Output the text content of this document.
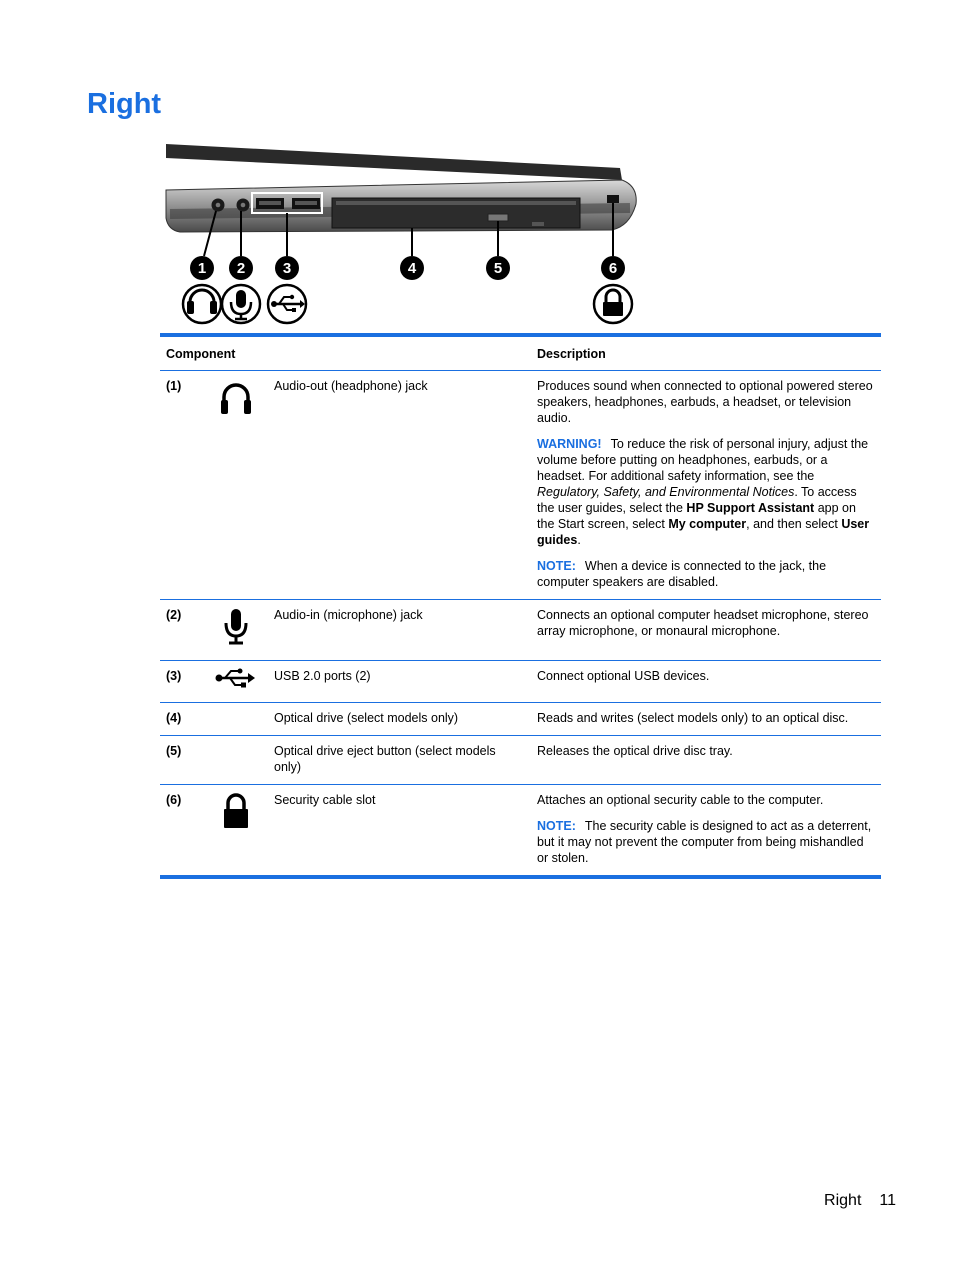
Right
1 2	3	4	5	6
Component			Description
(1)		Audio-out (headphone) jack	Produces sound when connected to optional powered stereo speakers, headphones, earbuds, a headset, or television audio.

WARNING! To reduce the risk of personal injury, adjust the volume before putting on headphones, earbuds, or a headset. For additional safety information, see the Regulatory, Safety, and Environmental Notices. To access the user guides, select the HP Support Assistant app on the Start screen, select My computer, and then select User guides.

NOTE: When a device is connected to the jack, the computer speakers are disabled.

(2)		Audio-in (microphone) jack	Connects an optional computer headset microphone, stereo array microphone, or monaural microphone.
(3)		USB 2.0 ports (2)	Connect optional USB devices.
(4)		Optical drive (select models only)	Reads and writes (select models only) to an optical disc.
(5)		Optical drive eject button (select models only)	Releases the optical drive disc tray.
(6)		Security cable slot	Attaches an optional security cable to the computer.

NOTE: The security cable is designed to act as a deterrent, but it may not prevent the computer from being mishandled or stolen.

Right 11
